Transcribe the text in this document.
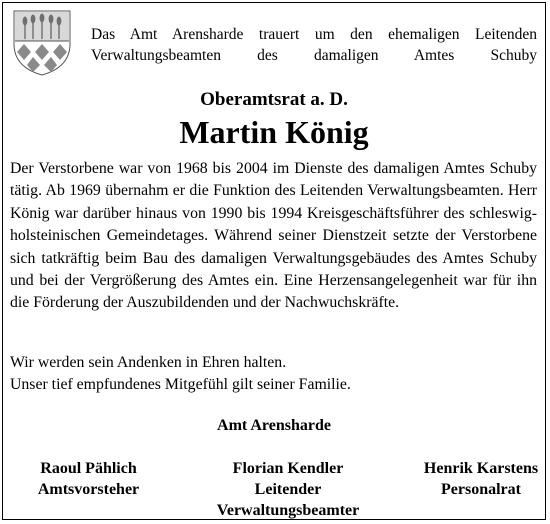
Das Amt Arensharde trauert um den ehemaligen Leitenden

Verwaltungsbeamten des damaligen Amtes Schuby

Oberamtsrat a. D.
Martin König

Der Verstorbene war von 1968 bis 2004 im Dienste des damaligen Amtes Schuby tätig. Ab 1969 übernahm er die Funktion des Leitenden Verwaltungsbeamten. Herr König war darüber hinaus von 1990 bis 1994 Kreisgeschäftsführer des schleswig-holsteinischen Gemeindetages. Während seiner Dienstzeit setzte der Verstorbene sich tatkräftig beim Bau des damaligen Verwaltungsgebäudes des Amtes Schuby und bei der Vergrößerung des Amtes ein. Eine Herzensangelegenheit war für ihn die Förderung der Auszubildenden und der Nachwuchskräfte.

Wir werden sein Andenken in Ehren halten.

Unser tief empfundenes Mitgefühl gilt seiner Familie.

Amt Arensharde
Raoul Pählich
Amtsvorsteher
Florian Kendler
Leitender
Verwaltungsbeamter
Henrik Karstens
Personalrat
